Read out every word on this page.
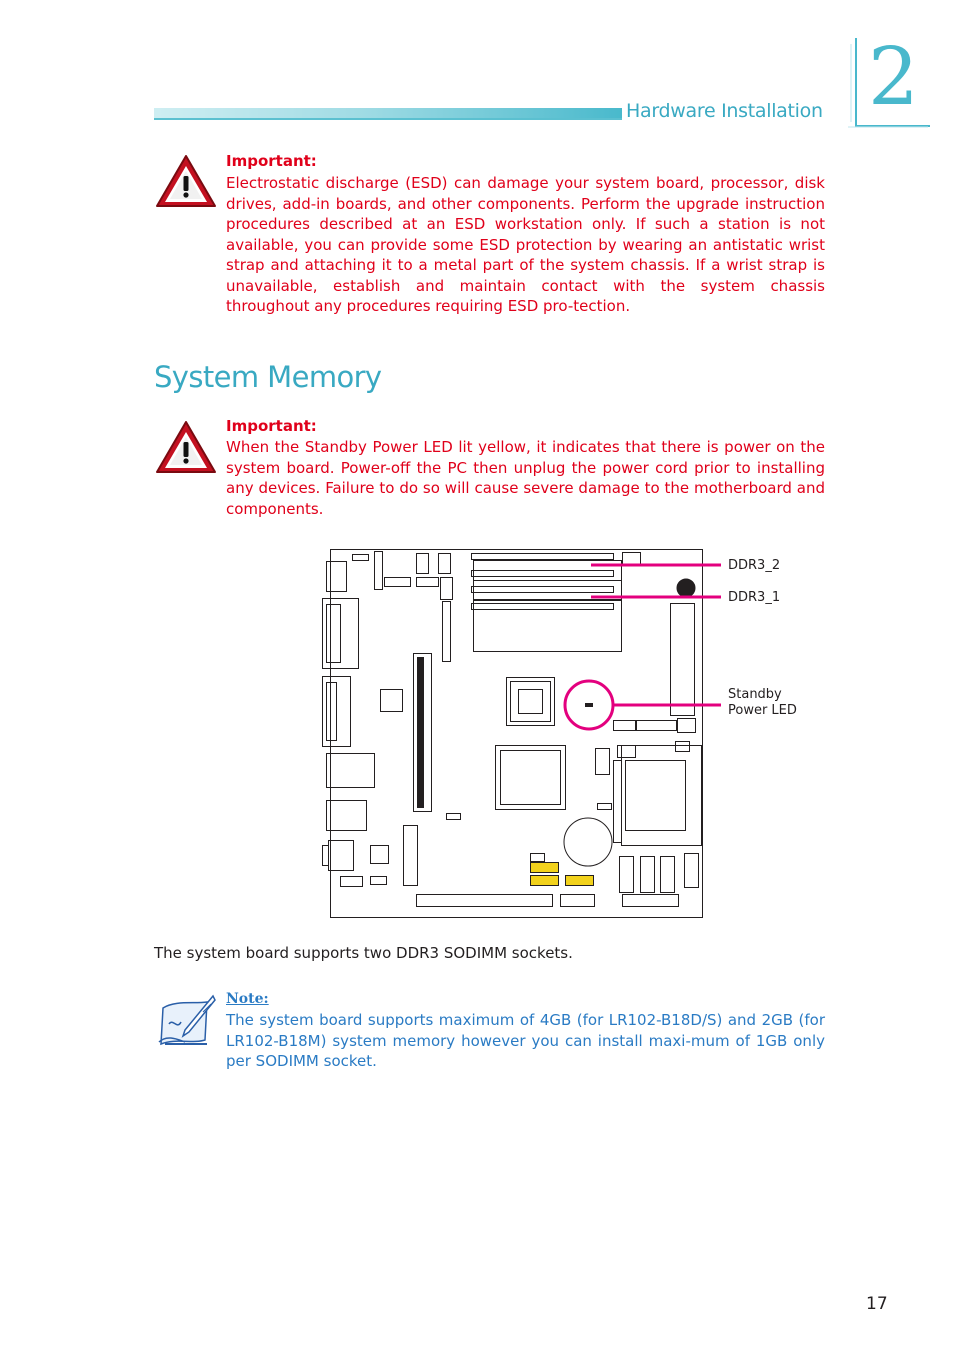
Hardware Installation 2
Important:
Electrostatic discharge (ESD) can damage your system board, processor, disk drives, add-in boards, and other components. Perform the upgrade instruction procedures described at an ESD workstation only. If such a station is not available, you can provide some ESD protection by wearing an antistatic wrist strap and attaching it to a metal part of the system chassis. If a wrist strap is unavailable, establish and maintain contact with the system chassis throughout any procedures requiring ESD pro-tection.
System Memory
Important:
When the Standby Power LED lit yellow, it indicates that there is power on the system board. Power-off the PC then unplug the power cord prior to installing any devices. Failure to do so will cause severe damage to the motherboard and components.
DDR3_2
DDR3_1
Standby
Power LED
The system board supports two DDR3 SODIMM sockets.
Note:
The system board supports maximum of 4GB (for LR102-B18D/S) and 2GB (for LR102-B18M) system memory however you can install maxi-mum of 1GB only per SODIMM socket.
17
